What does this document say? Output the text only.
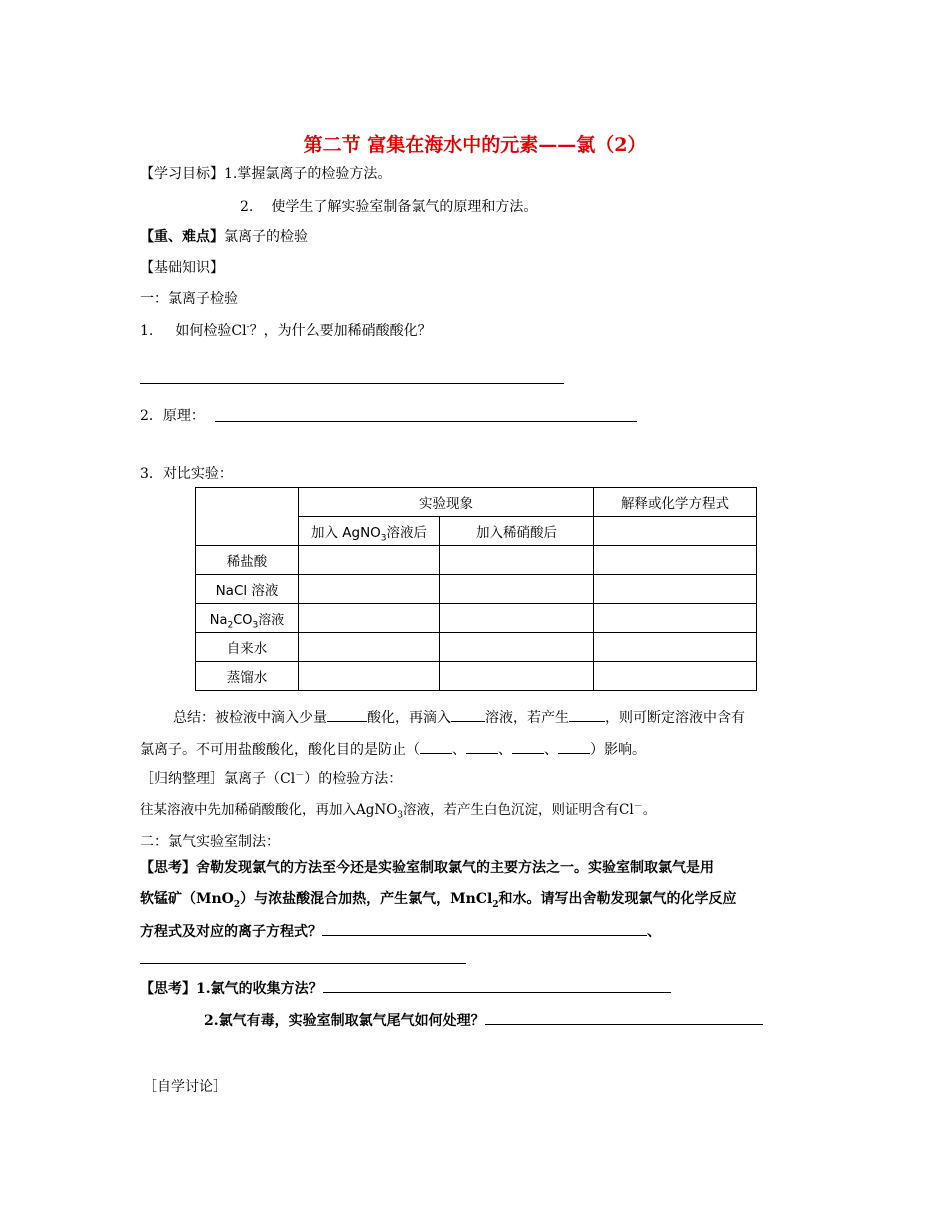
第二节 富集在海水中的元素——氯（2）
【学习目标】1.掌握氯离子的检验方法。
2. 使学生了解实验室制备氯气的原理和方法。
【重、难点】氯离子的检验
【基础知识】
一：氯离子检验
1. 如何检验Cl-？，为什么要加稀硝酸酸化？
2．原理：
3．对比实验：
	实验现象		解释或化学方程式
	加入 AgNO$_3$溶液后	加入稀硝酸后	
稀盐酸			
NaCl 溶液			
$Na_2CO_3$溶液			
自来水			
蒸馏水			
总结：被检液中滴入少量	酸化，再滴入 溶液，若产生	，则可断定溶液中含有
氯离子。不可用盐酸酸化，酸化目的是防止（ 、 、 、 ）影响。
［归纳整理］氯离子（Cl－）的检验方法：
往某溶液中先加稀硝酸酸化，再加入AgNO$_3$溶液，若产生白色沉淀，则证明含有Cl－。
二：氯气实验室制法：
【思考】舍勒发现氯气的方法至今还是实验室制取氯气的主要方法之一。实验室制取氯气是用
软锰矿（MnO$_2$）与浓盐酸混合加热，产生氯气，MnCl$_2$和水。请写出舍勒发现氯气的化学反应
方程式及对应的离子方程式？	、
【思考】1.氯气的收集方法？
2.氯气有毒，实验室制取氯气尾气如何处理？
［自学讨论］
